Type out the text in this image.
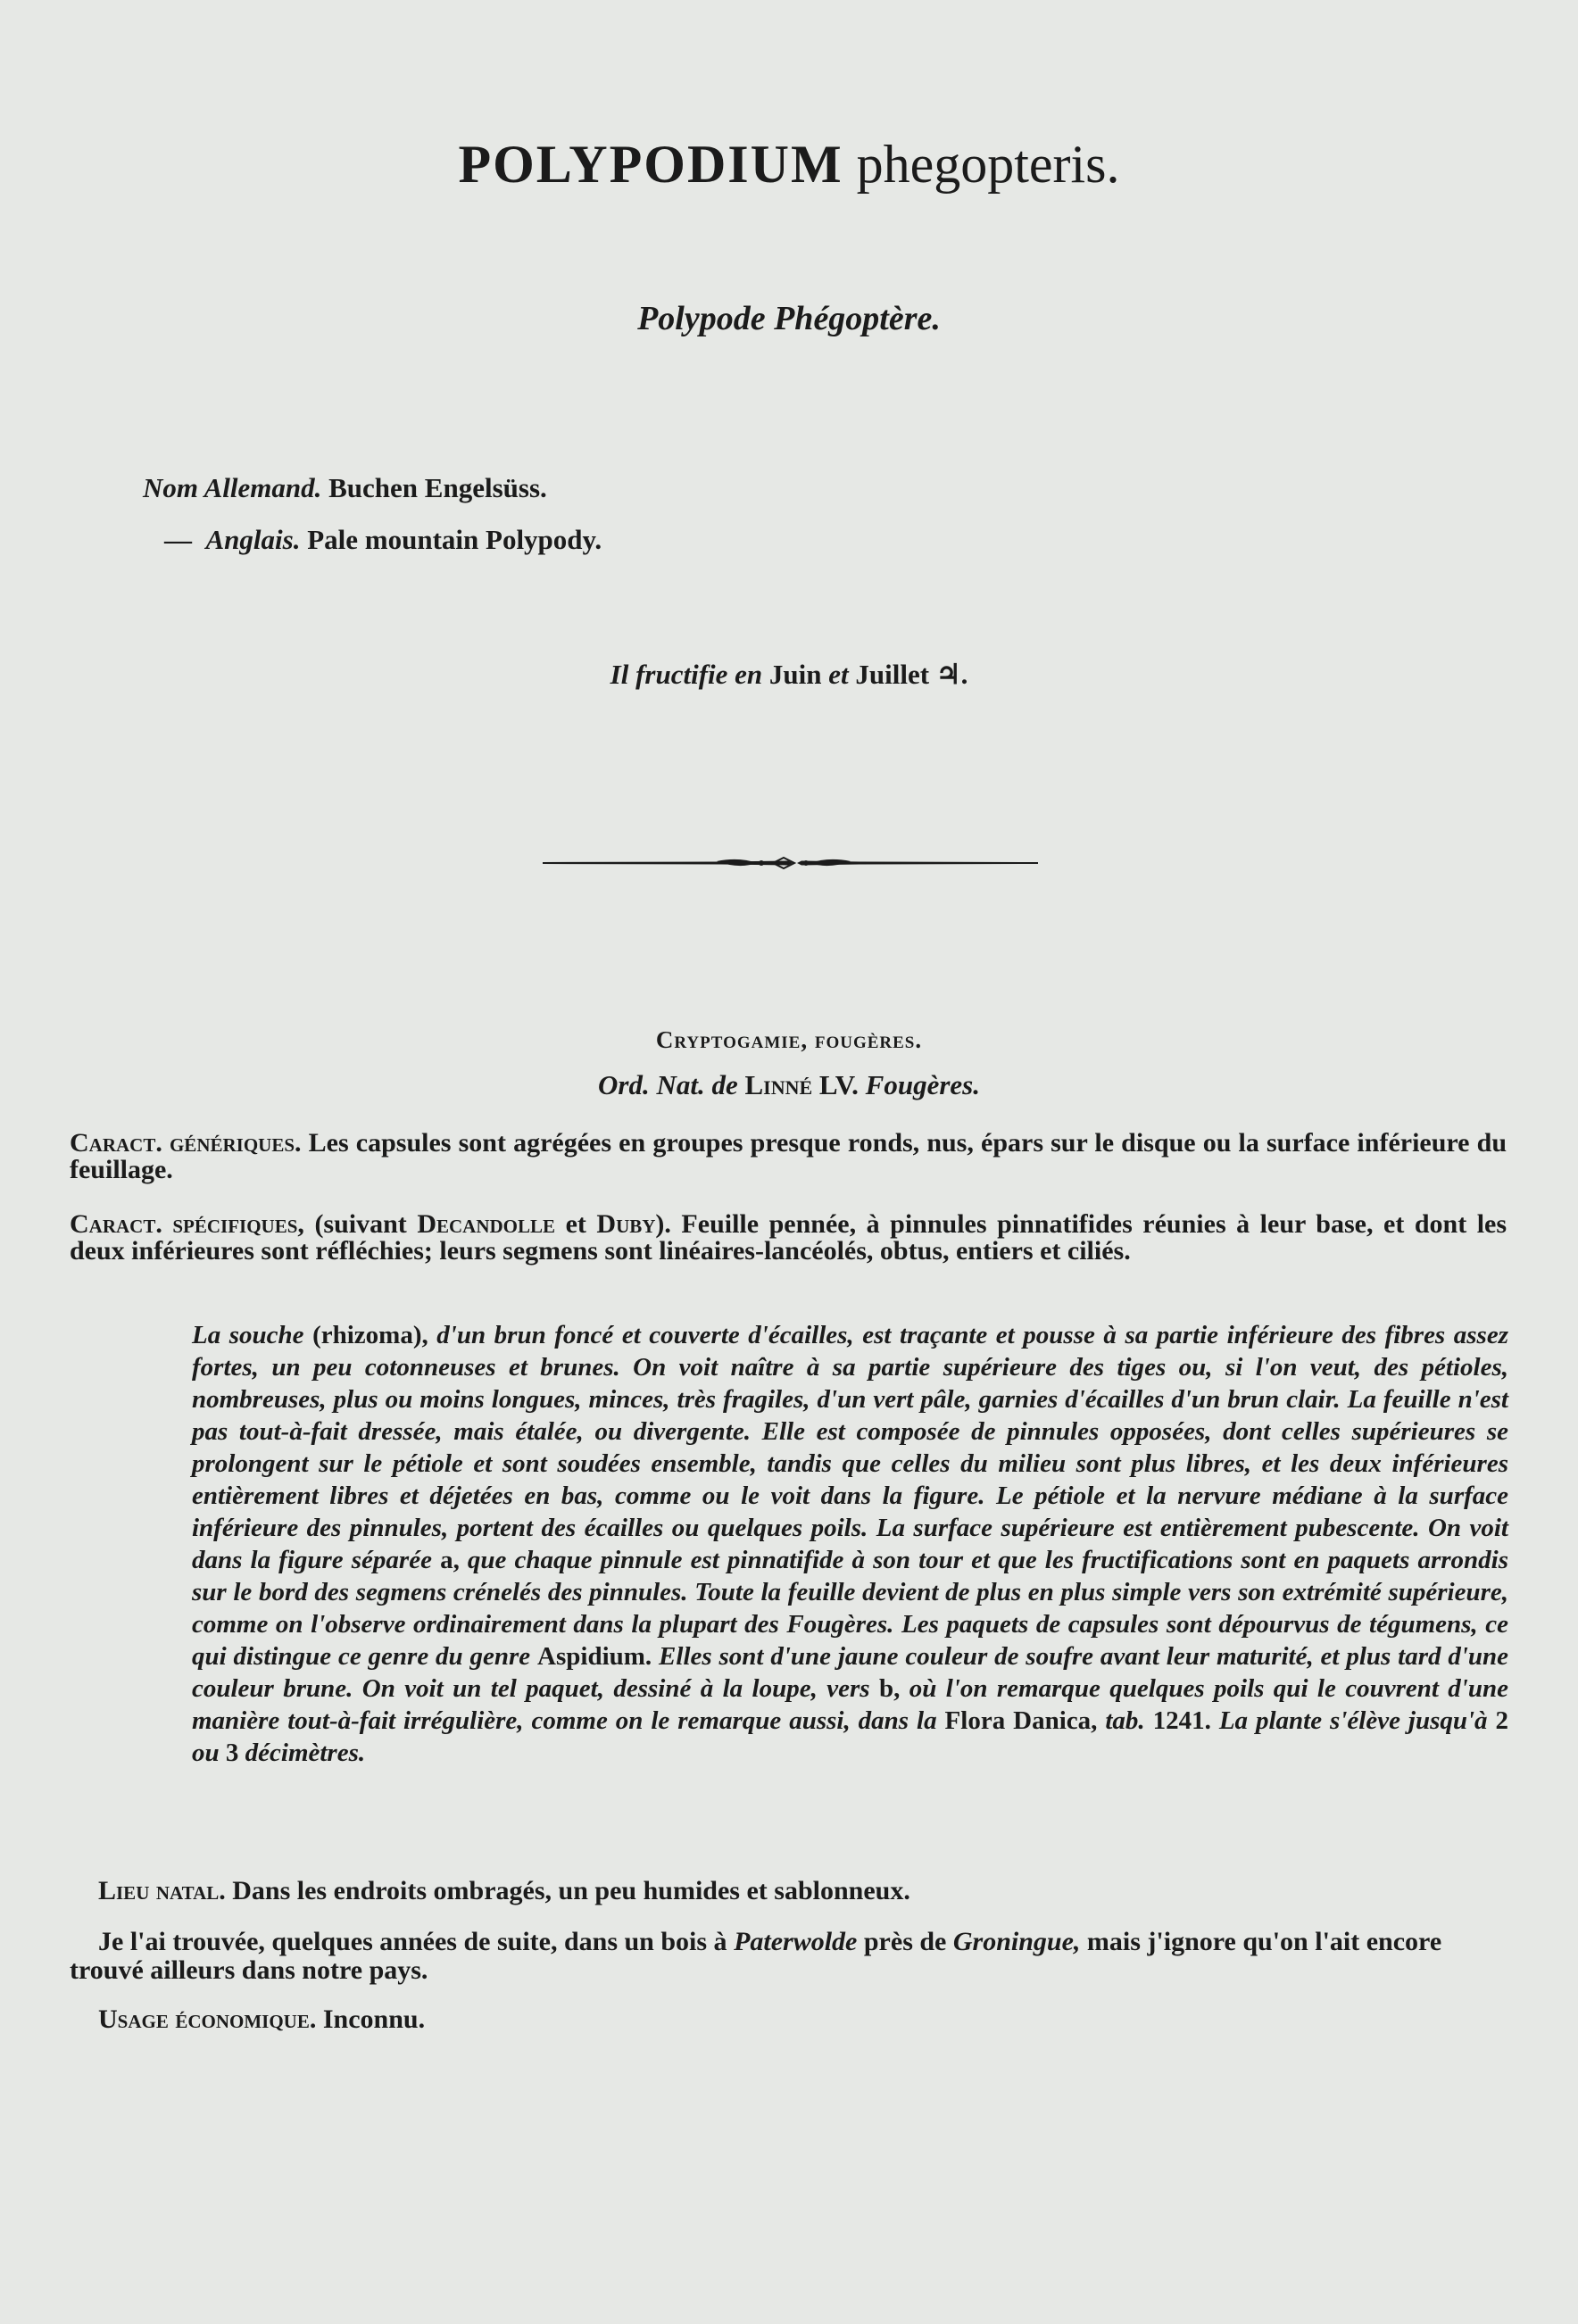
POLYPODIUM phegopteris.
Polypode Phégoptère.
Nom Allemand. Buchen Engelsüss.
— Anglais. Pale mountain Polypody.
Il fructifie en Juin et Juillet ♃.
Cryptogamie, fougères.
Ord. Nat. de Linné LV. Fougères.

Caract. génériques. Les capsules sont agrégées en groupes presque ronds, nus, épars sur le disque ou la surface inférieure du feuillage.

Caract. spécifiques, (suivant Decandolle et Duby). Feuille pennée, à pinnules pinnatifides réunies à leur base, et dont les deux inférieures sont réfléchies; leurs segmens sont linéaires-lancéolés, obtus, entiers et ciliés.

La souche (rhizoma), d'un brun foncé et couverte d'écailles, est traçante et pousse à sa partie inférieure des fibres assez fortes, un peu cotonneuses et brunes. On voit naître à sa partie supérieure des tiges ou, si l'on veut, des pétioles, nombreuses, plus ou moins longues, minces, très fragiles, d'un vert pâle, garnies d'écailles d'un brun clair. La feuille n'est pas tout-à-fait dressée, mais étalée, ou divergente. Elle est composée de pinnules opposées, dont celles supérieures se prolongent sur le pétiole et sont soudées ensemble, tandis que celles du milieu sont plus libres, et les deux inférieures entièrement libres et déjetées en bas, comme ou le voit dans la figure. Le pétiole et la nervure médiane à la surface inférieure des pinnules, portent des écailles ou quelques poils. La surface supérieure est entièrement pubescente. On voit dans la figure séparée a, que chaque pinnule est pinnatifide à son tour et que les fructifications sont en paquets arrondis sur le bord des segmens crénelés des pinnules. Toute la feuille devient de plus en plus simple vers son extrémité supérieure, comme on l'observe ordinairement dans la plupart des Fougères. Les paquets de capsules sont dépourvus de tégumens, ce qui distingue ce genre du genre Aspidium. Elles sont d'une jaune couleur de soufre avant leur maturité, et plus tard d'une couleur brune. On voit un tel paquet, dessiné à la loupe, vers b, où l'on remarque quelques poils qui le couvrent d'une manière tout-à-fait irrégulière, comme on le remarque aussi, dans la Flora Danica, tab. 1241. La plante s'élève jusqu'à 2 ou 3 décimètres.

Lieu natal. Dans les endroits ombragés, un peu humides et sablonneux.

Je l'ai trouvée, quelques années de suite, dans un bois à Paterwolde près de Groningue, mais j'ignore qu'on l'ait encore trouvé ailleurs dans notre pays.

Usage économique. Inconnu.
